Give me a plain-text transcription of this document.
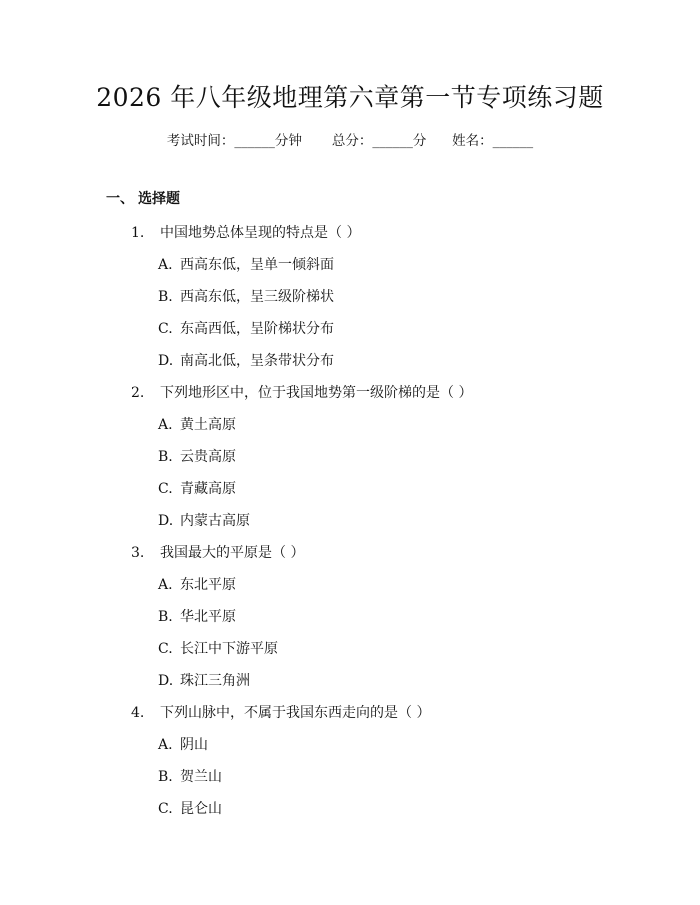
2026 年八年级地理第六章第一节专项练习题
考试时间：______分钟 总分：______分 姓名：______
一、 选择题
1. 中国地势总体呈现的特点是（ ）
A. 西高东低，呈单一倾斜面
B. 西高东低，呈三级阶梯状
C. 东高西低，呈阶梯状分布
D. 南高北低，呈条带状分布
2. 下列地形区中，位于我国地势第一级阶梯的是（ ）
A. 黄土高原
B. 云贵高原
C. 青藏高原
D. 内蒙古高原
3. 我国最大的平原是（ ）
A. 东北平原
B. 华北平原
C. 长江中下游平原
D. 珠江三角洲
4. 下列山脉中，不属于我国东西走向的是（ ）
A. 阴山
B. 贺兰山
C. 昆仑山
